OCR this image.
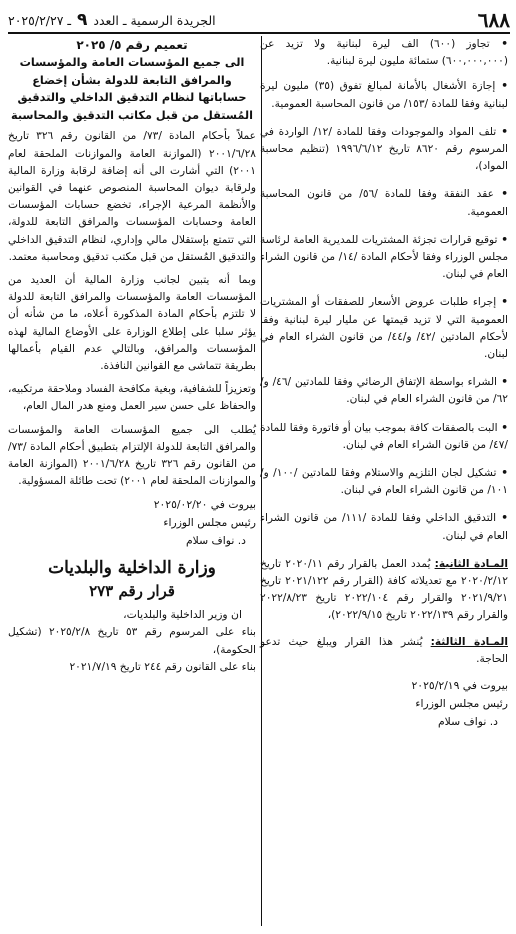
٦٨٨
الجريدة الرسمية ـ العدد ٩ ـ ٢٠٢٥/٢/٢٧

• تجاوز (٦٠٠) الف ليرة لبنانية ولا تزيد عن (٦٠٠,٠٠٠,٠٠٠) ستمائة مليون ليرة لبنانية.

• إجازة الأشغال بالأمانة لمبالغ تفوق (٣٥) مليون ليرة لبنانية وفقا للمادة /١٥٣/ من قانون المحاسبة العمومية.

• تلف المواد والموجودات وفقا للمادة /١٢/ الواردة في المرسوم رقم ٨٦٢٠ تاريخ ١٩٩٦/٦/١٢ (تنظيم محاسبة المواد)،

• عقد النفقة وفقا للمادة /٥٦/ من قانون المحاسبة العمومية.

• توقيع قرارات تجزئة المشتريات للمديرية العامة لرئاسة مجلس الوزراء وفقا لأحكام المادة /١٤/ من قانون الشراء العام في لبنان.

• إجراء طلبات عروض الأسعار للصفقات أو المشتريات العمومية التي لا تزيد قيمتها عن مليار ليرة لبنانية وفقا لأحكام المادتين /٤٢/ و/٤٤/ من قانون الشراء العام في لبنان.

• الشراء بواسطة الإتفاق الرضائي وفقا للمادتين /٤٦/ و/٦٢/ من قانون الشراء العام في لبنان.

• البت بالصفقات كافة بموجب بيان أو فاتورة وفقا للمادة /٤٧/ من قانون الشراء العام في لبنان.

• تشكيل لجان التلزيم والاستلام وفقا للمادتين /١٠٠/ و/١٠١/ من قانون الشراء العام في لبنان.

• التدقيق الداخلي وفقا للمادة /١١١/ من قانون الشراء العام في لبنان.

المـادة الثانية: يُمدد العمل بالقرار رقم ٢٠٢٠/١١ تاريخ ٢٠٢٠/٢/١٢ مع تعديلاته كافة (القرار رقم ٢٠٢١/١٢٢ تاريخ ٢٠٢١/٩/٢١ والقرار رقم ٢٠٢٢/١٠٤ تاريخ ٢٠٢٢/٨/٢٣ والقرار رقم ٢٠٢٢/١٣٩ تاريخ ٢٠٢٢/٩/١٥)،

المـادة الثالثة: يُنشر هذا القرار ويبلغ حيث تدعو الحاجة.

بيروت في ٢٠٢٥/٢/١٩
رئيس مجلس الوزراء
د. نواف سلام
تعميم رقم ٥/ ٢٠٢٥
الى جميع المؤسسات العامة والمؤسسات والمرافق التابعة للدولة بشأن إخضاع حساباتها لنظام التدقيق الداخلي والتدقيق المُستقل من قبل مكاتب التدقيق والمحاسبة

عملاً بأحكام المادة /٧٣/ من القانون رقم ٣٢٦ تاريخ ٢٠٠١/٦/٢٨ (الموازنة العامة والموازنات الملحقة لعام ٢٠٠١) التي أشارت الى أنه إضافة لرقابة وزارة المالية ولرقابة ديوان المحاسبة المنصوص عنهما في القوانين والأنظمة المرعية الإجراء، تخضع حسابات المؤسسات العامة وحسابات المؤسسات والمرافق التابعة للدولة، التي تتمتع بإستقلال مالي وإداري، لنظام التدقيق الداخلي والتدقيق المُستقل من قبل مكتب تدقيق ومحاسبة معتمد.

وبما أنه يتبين لجانب وزارة المالية أن العديد من المؤسسات العامة والمؤسسات والمرافق التابعة للدولة لا تلتزم بأحكام المادة المذكورة أعلاه، ما من شأنه أن يؤثر سلبا على إطلاع الوزارة على الأوضاع المالية لهذه المؤسسات والمرافق، وبالتالي عدم القيام بأعمالها بطريقة تتماشى مع القوانين النافذة.

وتعزيزاً للشفافية، وبغية مكافحة الفساد وملاحقة مرتكبيه، والحفاظ على حسن سير العمل ومنع هدر المال العام،

يُطلب الى جميع المؤسسات العامة والمؤسسات والمرافق التابعة للدولة الإلتزام بتطبيق أحكام المادة /٧٣/ من القانون رقم ٣٢٦ تاريخ ٢٠٠١/٦/٢٨ (الموازنة العامة والموازنات الملحقة لعام ٢٠٠١) تحت طائلة المسؤولية.

بيروت في ٢٠٢٥/٠٢/٢٠
رئيس مجلس الوزراء
د. نواف سلام
وزارة الداخلية والبلديات
قرار رقم ٢٧٣

ان وزير الداخلية والبلديات،

بناء على المرسوم رقم ٥٣ تاريخ ٢٠٢٥/٢/٨ (تشكيل الحكومة)،

بناء على القانون رقم ٢٤٤ تاريخ ٢٠٢١/٧/١٩
